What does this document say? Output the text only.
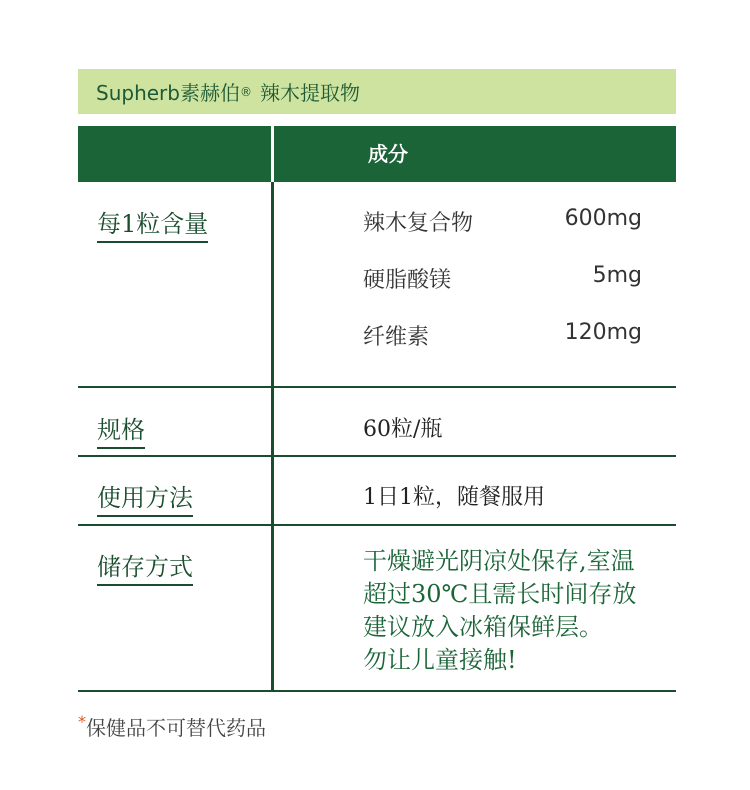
Supherb素赫伯 ® 辣木提取物
成分
每1粒含量	辣木复合物	600mg
硬脂酸镁	5mg
纤维素	120mg
规格	60粒/瓶
使用方法	1日1粒，随餐服用
储存方式	干燥避光阴凉处保存,室温
超过30℃且需长时间存放
建议放入冰箱保鲜层。
勿让儿童接触!
*保健品不可替代药品
